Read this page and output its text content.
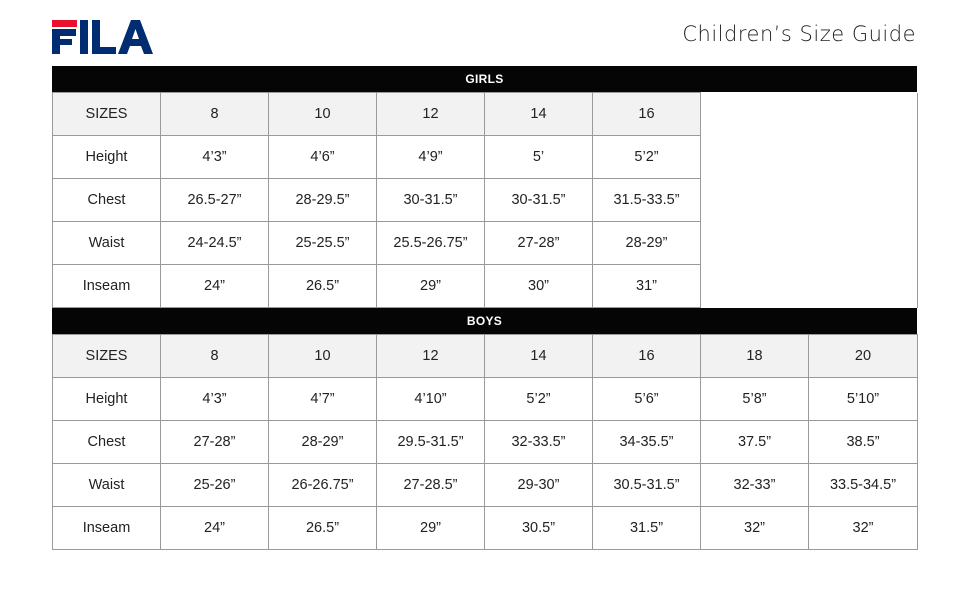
Children’s Size Guide
GIRLS
SIZES	8	10	12	14	16	
Height	4’3”	4’6”	4’9”	5’	5’2”	
Chest	26.5-27”	28-29.5”	30-31.5”	30-31.5”	31.5-33.5”	
Waist	24-24.5”	25-25.5”	25.5-26.75”	27-28”	28-29”	
Inseam	24”	26.5”	29”	30”	31”	
BOYS
SIZES	8	10	12	14	16	18	20
Height	4’3”	4’7”	4’10”	5’2”	5’6”	5’8”	5’10”
Chest	27-28”	28-29”	29.5-31.5”	32-33.5”	34-35.5”	37.5”	38.5”
Waist	25-26”	26-26.75”	27-28.5”	29-30”	30.5-31.5”	32-33”	33.5-34.5”
Inseam	24”	26.5”	29”	30.5”	31.5”	32”	32”
